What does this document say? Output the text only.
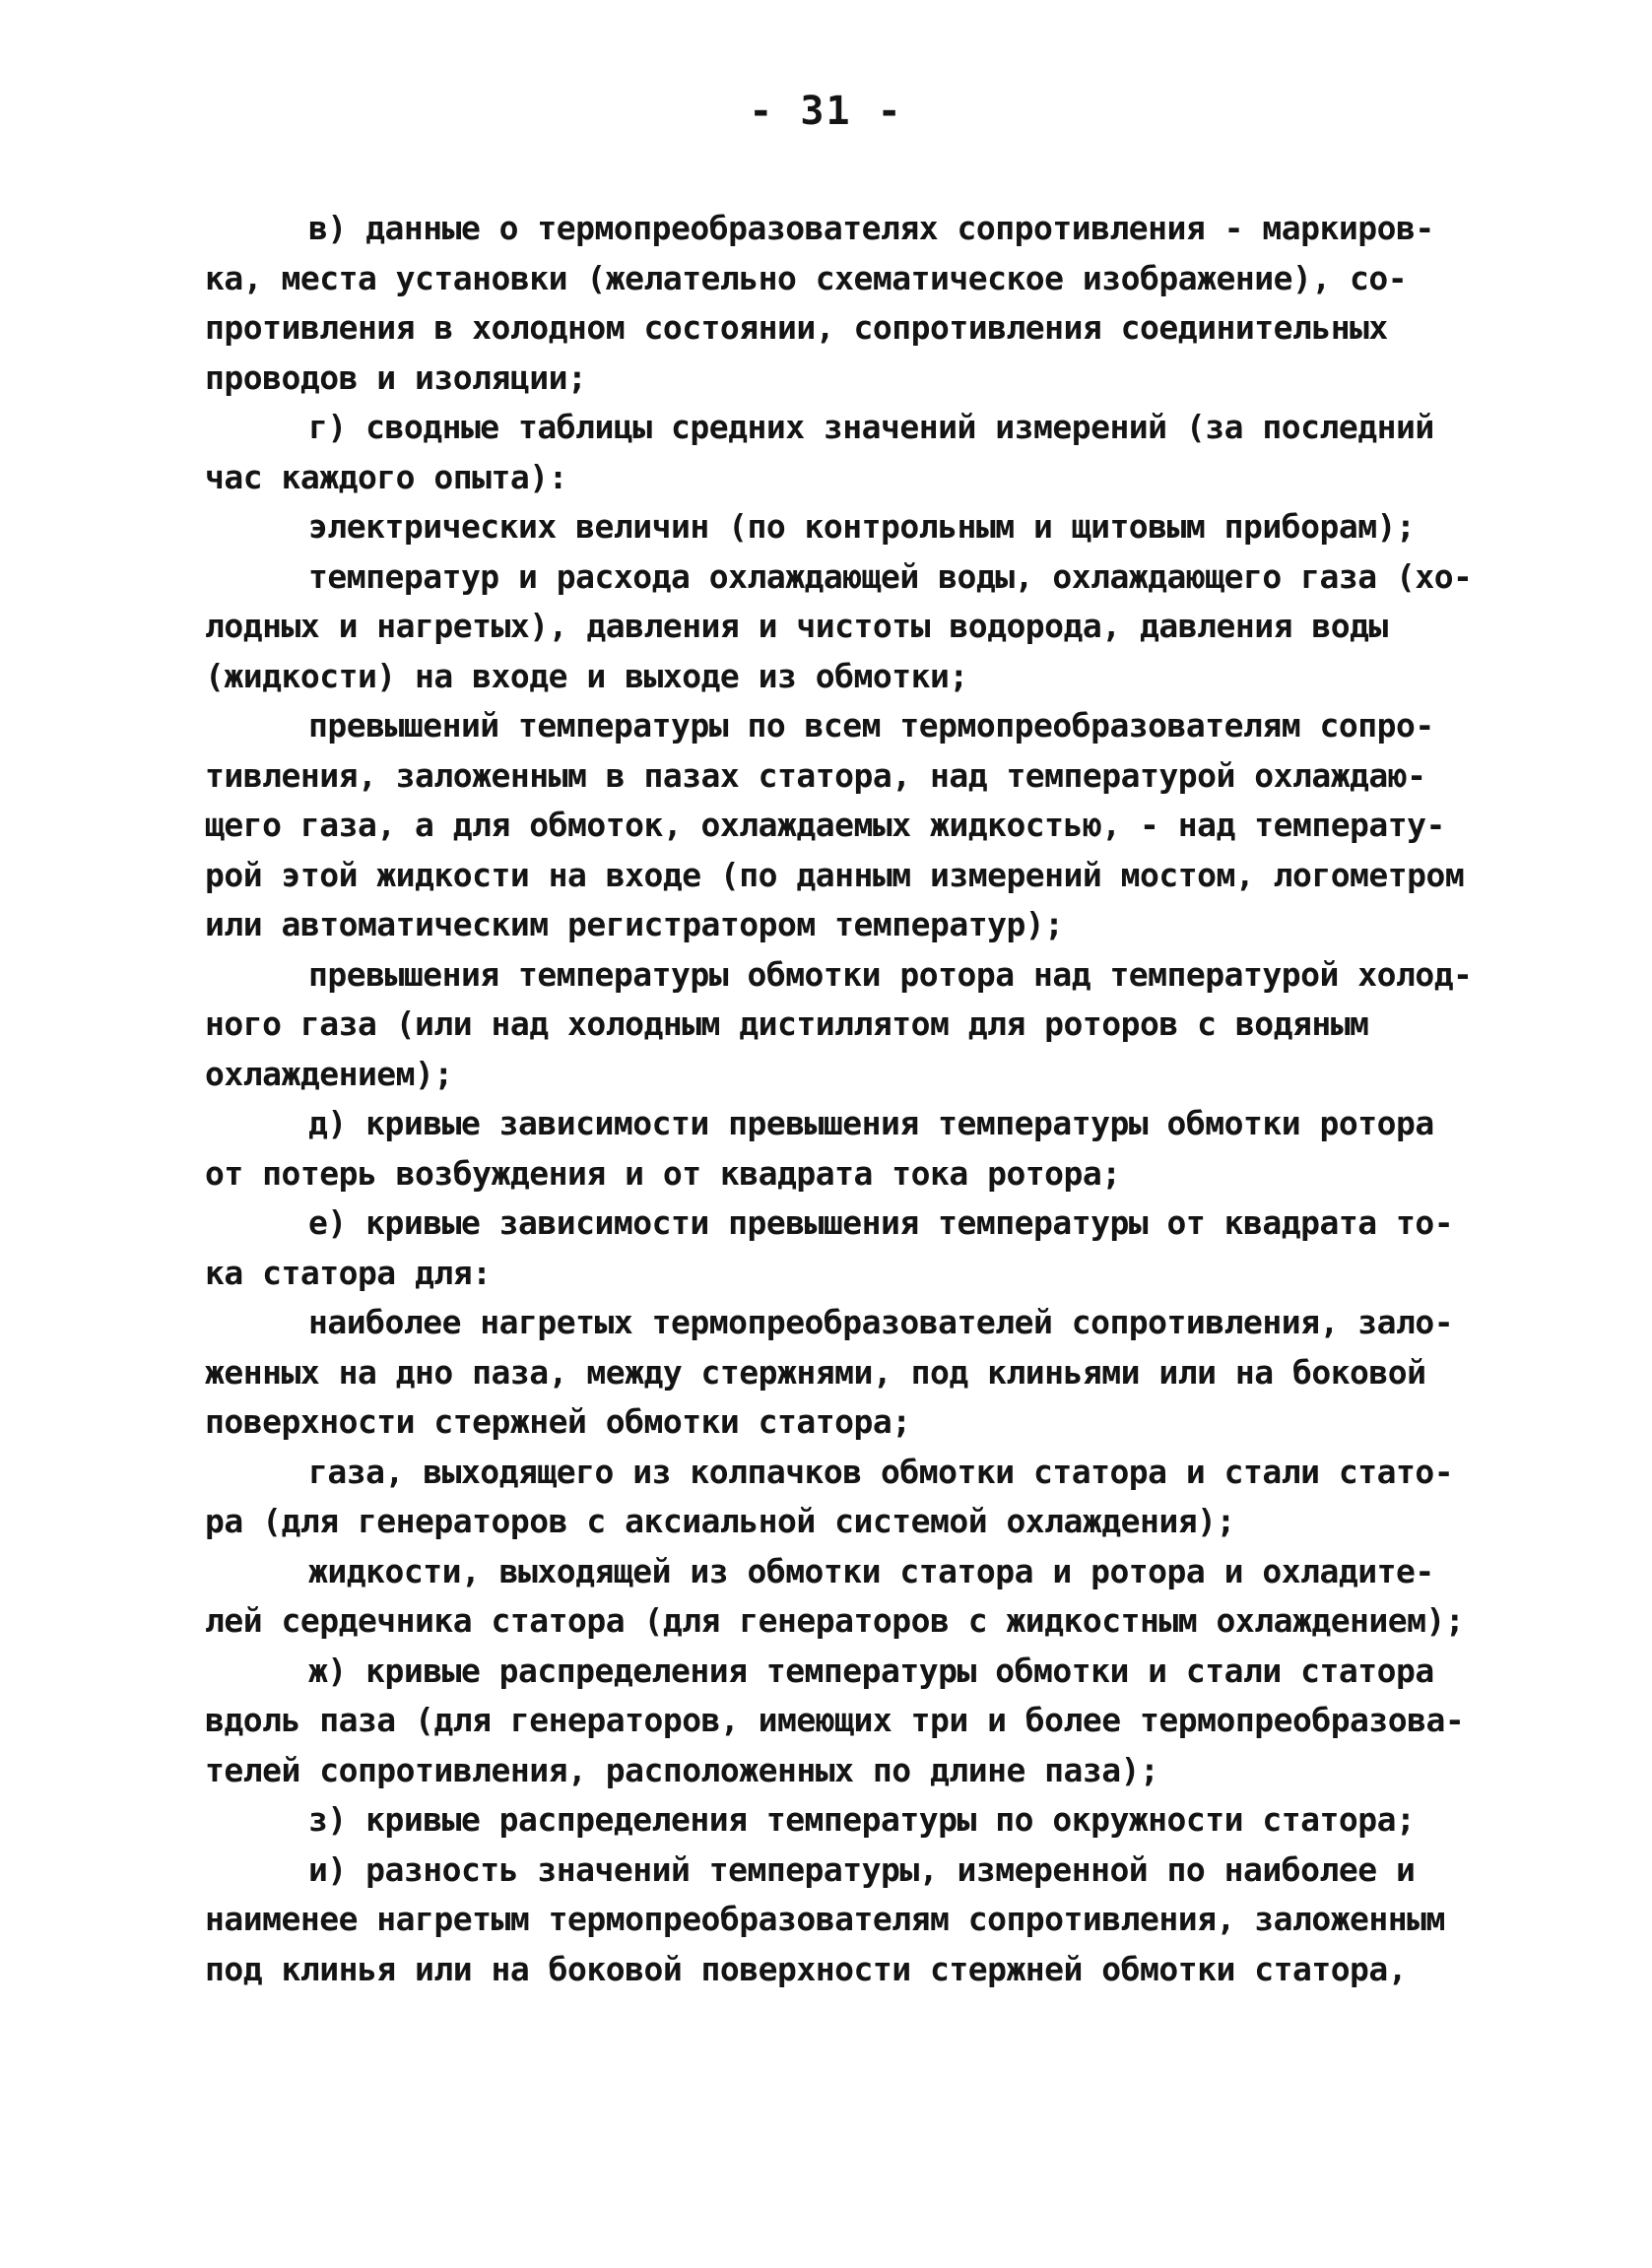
- 31 -
в) данные о термопреобразователях сопротивления - маркиров-
ка, места установки (желательно схематическое изображение), со-
противления в холодном состоянии, сопротивления соединительных
проводов и изоляции;
г) сводные таблицы средних значений измерений (за последний
час каждого опыта):
электрических величин (по контрольным и щитовым приборам);
температур и расхода охлаждающей воды, охлаждающего газа (хо-
лодных и нагретых), давления и чистоты водорода, давления воды
(жидкости) на входе и выходе из обмотки;
превышений температуры по всем термопреобразователям сопро-
тивления, заложенным в пазах статора, над температурой охлаждаю-
щего газа, а для обмоток, охлаждаемых жидкостью, - над температу-
рой этой жидкости на входе (по данным измерений мостом, логометром
или автоматическим регистратором температур);
превышения температуры обмотки ротора над температурой холод-
ного газа (или над холодным дистиллятом для роторов с водяным
охлаждением);
д) кривые зависимости превышения температуры обмотки ротора
от потерь возбуждения и от квадрата тока ротора;
е) кривые зависимости превышения температуры от квадрата то-
ка статора для:
наиболее нагретых термопреобразователей сопротивления, зало-
женных на дно паза, между стержнями, под клиньями или на боковой
поверхности стержней обмотки статора;
газа, выходящего из колпачков обмотки статора и стали стато-
ра (для генераторов с аксиальной системой охлаждения);
жидкости, выходящей из обмотки статора и ротора и охладите-
лей сердечника статора (для генераторов с жидкостным охлаждением);
ж) кривые распределения температуры обмотки и стали статора
вдоль паза (для генераторов, имеющих три и более термопреобразова-
телей сопротивления, расположенных по длине паза);
з) кривые распределения температуры по окружности статора;
и) разность значений температуры, измеренной по наиболее и
наименее нагретым термопреобразователям сопротивления, заложенным
под клинья или на боковой поверхности стержней обмотки статора,
